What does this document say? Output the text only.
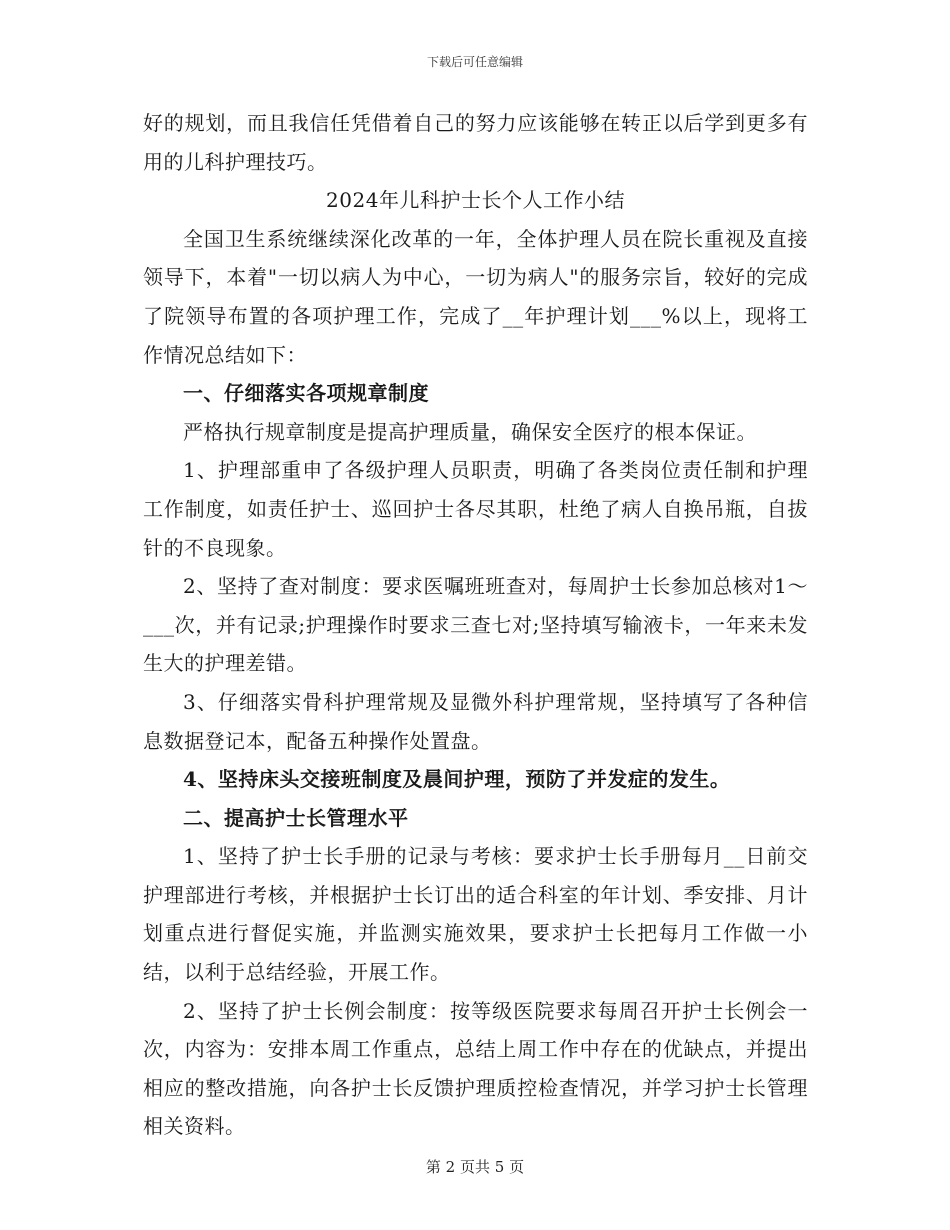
下载后可任意编辑

好的规划，而且我信任凭借着自己的努力应该能够在转正以后学到更多有用的儿科护理技巧。

2024年儿科护士长个人工作小结

全国卫生系统继续深化改革的一年，全体护理人员在院长重视及直接领导下，本着"一切以病人为中心，一切为病人"的服务宗旨，较好的完成了院领导布置的各项护理工作，完成了__年护理计划___%以上，现将工作情况总结如下：

一、仔细落实各项规章制度

严格执行规章制度是提高护理质量，确保安全医疗的根本保证。

1、护理部重申了各级护理人员职责，明确了各类岗位责任制和护理工作制度，如责任护士、巡回护士各尽其职，杜绝了病人自换吊瓶，自拔针的不良现象。

2、坚持了查对制度：要求医嘱班班查对，每周护士长参加总核对1～___次，并有记录;护理操作时要求三查七对;坚持填写输液卡，一年来未发生大的护理差错。

3、仔细落实骨科护理常规及显微外科护理常规，坚持填写了各种信息数据登记本，配备五种操作处置盘。

4、坚持床头交接班制度及晨间护理，预防了并发症的发生。

二、提高护士长管理水平

1、坚持了护士长手册的记录与考核：要求护士长手册每月__日前交护理部进行考核，并根据护士长订出的适合科室的年计划、季安排、月计划重点进行督促实施，并监测实施效果，要求护士长把每月工作做一小结，以利于总结经验，开展工作。

2、坚持了护士长例会制度：按等级医院要求每周召开护士长例会一次，内容为：安排本周工作重点，总结上周工作中存在的优缺点，并提出相应的整改措施，向各护士长反馈护理质控检查情况，并学习护士长管理相关资料。

第 2 页共 5 页
